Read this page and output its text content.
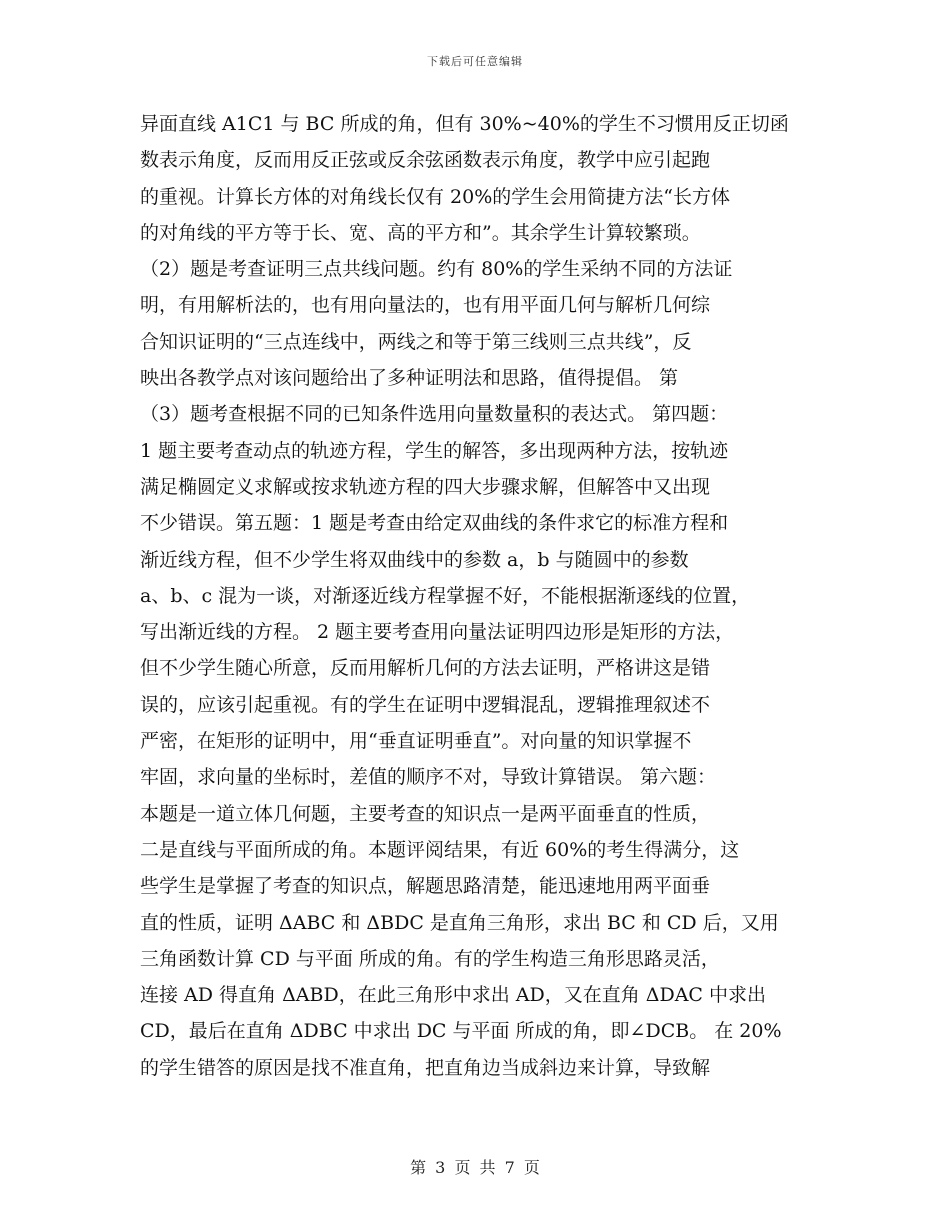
下载后可任意编辑
异面直线 A1C1 与 BC 所成的角，但有 30%~40%的学生不习惯用反正切函
数表示角度，反而用反正弦或反余弦函数表示角度，教学中应引起跑
的重视。计算长方体的对角线长仅有 20%的学生会用简捷方法“长方体
的对角线的平方等于长、宽、高的平方和”。其余学生计算较繁琐。
（2）题是考查证明三点共线问题。约有 80%的学生采纳不同的方法证
明，有用解析法的，也有用向量法的，也有用平面几何与解析几何综
合知识证明的“三点连线中，两线之和等于第三线则三点共线”，反
映出各教学点对该问题给出了多种证明法和思路，值得提倡。 第
（3）题考查根据不同的已知条件选用向量数量积的表达式。 第四题：
1 题主要考查动点的轨迹方程，学生的解答，多出现两种方法，按轨迹
满足椭圆定义求解或按求轨迹方程的四大步骤求解，但解答中又出现
不少错误。第五题：1 题是考查由给定双曲线的条件求它的标准方程和
渐近线方程，但不少学生将双曲线中的参数 a，b 与随圆中的参数
a、b、c 混为一谈，对渐逐近线方程掌握不好，不能根据渐逐线的位置，
写出渐近线的方程。 2 题主要考查用向量法证明四边形是矩形的方法，
但不少学生随心所意，反而用解析几何的方法去证明，严格讲这是错
误的，应该引起重视。有的学生在证明中逻辑混乱，逻辑推理叙述不
严密，在矩形的证明中，用“垂直证明垂直”。对向量的知识掌握不
牢固，求向量的坐标时，差值的顺序不对，导致计算错误。 第六题：
本题是一道立体几何题，主要考查的知识点一是两平面垂直的性质，
二是直线与平面所成的角。本题评阅结果，有近 60%的考生得满分，这
些学生是掌握了考查的知识点，解题思路清楚，能迅速地用两平面垂
直的性质，证明 ΔABC 和 ΔBDC 是直角三角形，求出 BC 和 CD 后，又用
三角函数计算 CD 与平面 所成的角。有的学生构造三角形思路灵活，
连接 AD 得直角 ΔABD，在此三角形中求出 AD，又在直角 ΔDAC 中求出
CD，最后在直角 ΔDBC 中求出 DC 与平面 所成的角，即∠DCB。 在 20%
的学生错答的原因是找不准直角，把直角边当成斜边来计算，导致解
第 3 页 共 7 页
